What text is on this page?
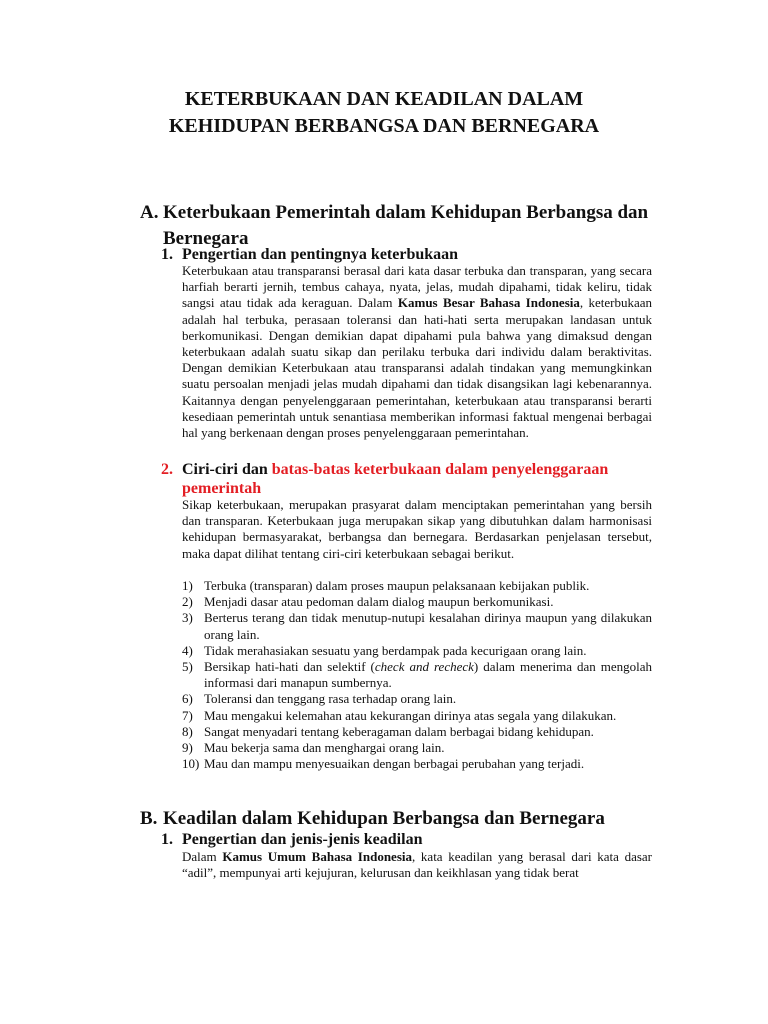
KETERBUKAAN DAN KEADILAN DALAM
KEHIDUPAN BERBANGSA DAN BERNEGARA
A. Keterbukaan Pemerintah dalam Kehidupan Berbangsa dan
Bernegara
1. Pengertian dan pentingnya keterbukaan

Keterbukaan atau transparansi berasal dari kata dasar terbuka dan transparan, yang secara harfiah berarti jernih, tembus cahaya, nyata, jelas, mudah dipahami, tidak keliru, tidak sangsi atau tidak ada keraguan. Dalam Kamus Besar Bahasa Indonesia, keterbukaan adalah hal terbuka, perasaan toleransi dan hati-hati serta merupakan landasan untuk berkomunikasi. Dengan demikian dapat dipahami pula bahwa yang dimaksud dengan keterbukaan adalah suatu sikap dan perilaku terbuka dari individu dalam beraktivitas. Dengan demikian Keterbukaan atau transparansi adalah tindakan yang memungkinkan suatu persoalan menjadi jelas mudah dipahami dan tidak disangsikan lagi kebenarannya. Kaitannya dengan penyelenggaraan pemerintahan, keterbukaan atau transparansi berarti kesediaan pemerintah untuk senantiasa memberikan informasi faktual mengenai berbagai hal yang berkenaan dengan proses penyelenggaraan pemerintahan.

2. Ciri-ciri dan batas-batas keterbukaan dalam penyelenggaraan
pemerintah

Sikap keterbukaan, merupakan prasyarat dalam menciptakan pemerintahan yang bersih dan transparan. Keterbukaan juga merupakan sikap yang dibutuhkan dalam harmonisasi kehidupan bermasyarakat, berbangsa dan bernegara. Berdasarkan penjelasan tersebut, maka dapat dilihat tentang ciri-ciri keterbukaan sebagai berikut.

1) Terbuka (transparan) dalam proses maupun pelaksanaan kebijakan publik.
2) Menjadi dasar atau pedoman dalam dialog maupun berkomunikasi.
3) Berterus terang dan tidak menutup-nutupi kesalahan dirinya maupun yang dilakukan orang lain.
4) Tidak merahasiakan sesuatu yang berdampak pada kecurigaan orang lain.
5) Bersikap hati-hati dan selektif (check and recheck) dalam menerima dan mengolah informasi dari manapun sumbernya.
6) Toleransi dan tenggang rasa terhadap orang lain.
7) Mau mengakui kelemahan atau kekurangan dirinya atas segala yang dilakukan.
8) Sangat menyadari tentang keberagaman dalam berbagai bidang kehidupan.
9) Mau bekerja sama dan menghargai orang lain.
10) Mau dan mampu menyesuaikan dengan berbagai perubahan yang terjadi.
B. Keadilan dalam Kehidupan Berbangsa dan Bernegara
1. Pengertian dan jenis-jenis keadilan

Dalam Kamus Umum Bahasa Indonesia, kata keadilan yang berasal dari kata dasar “adil”, mempunyai arti kejujuran, kelurusan dan keikhlasan yang tidak berat
